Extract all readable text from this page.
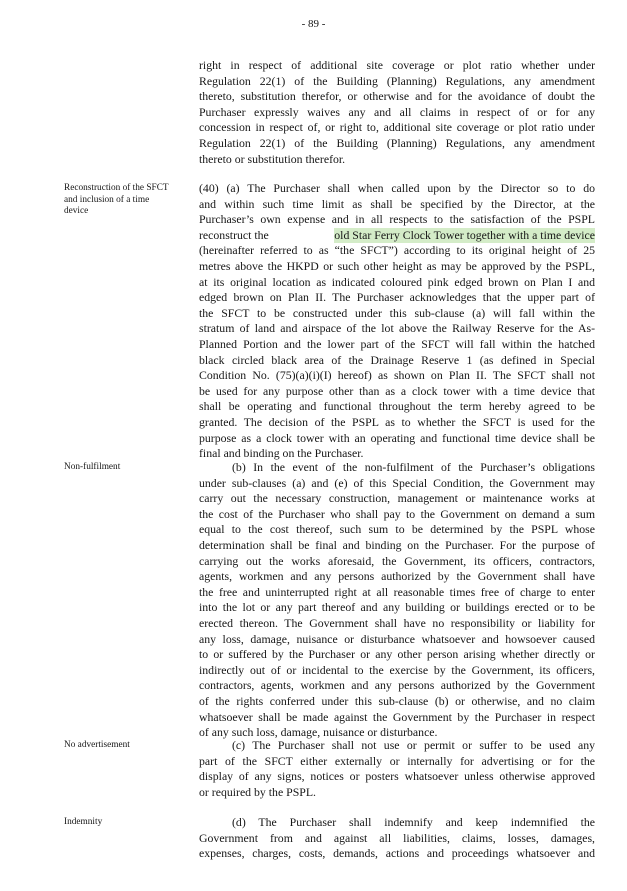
- 89 -
Reconstruction of the SFCT
and inclusion of a time
device
Non-fulfilment
No advertisement
Indemnity
right in respect of additional site coverage or plot ratio whether under
Regulation 22(1) of the Building (Planning) Regulations, any amendment
thereto, substitution therefor, or otherwise and for the avoidance of doubt the
Purchaser expressly waives any and all claims in respect of or for any
concession in respect of, or right to, additional site coverage or plot ratio under
Regulation 22(1) of the Building (Planning) Regulations, any amendment
thereto or substitution therefor.
(40) (a) The Purchaser shall when called upon by the Director so to do
and within such time limit as shall be specified by the Director, at the
Purchaser’s own expense and in all respects to the satisfaction of the PSPL
reconstruct the	old Star Ferry Clock Tower together with a time device
(hereinafter referred to as “the SFCT”) according to its original height of 25
metres above the HKPD or such other height as may be approved by the PSPL,
at its original location as indicated coloured pink edged brown on Plan I and
edged brown on Plan II. The Purchaser acknowledges that the upper part of
the SFCT to be constructed under this sub-clause (a) will fall within the
stratum of land and airspace of the lot above the Railway Reserve for the As-
Planned Portion and the lower part of the SFCT will fall within the hatched
black circled black area of the Drainage Reserve 1 (as defined in Special
Condition No. (75)(a)(i)(I) hereof) as shown on Plan II. The SFCT shall not
be used for any purpose other than as a clock tower with a time device that
shall be operating and functional throughout the term hereby agreed to be
granted. The decision of the PSPL as to whether the SFCT is used for the
purpose as a clock tower with an operating and functional time device shall be
final and binding on the Purchaser.
(b) In the event of the non-fulfilment of the Purchaser’s obligations
under sub-clauses (a) and (e) of this Special Condition, the Government may
carry out the necessary construction, management or maintenance works at
the cost of the Purchaser who shall pay to the Government on demand a sum
equal to the cost thereof, such sum to be determined by the PSPL whose
determination shall be final and binding on the Purchaser. For the purpose of
carrying out the works aforesaid, the Government, its officers, contractors,
agents, workmen and any persons authorized by the Government shall have
the free and uninterrupted right at all reasonable times free of charge to enter
into the lot or any part thereof and any building or buildings erected or to be
erected thereon. The Government shall have no responsibility or liability for
any loss, damage, nuisance or disturbance whatsoever and howsoever caused
to or suffered by the Purchaser or any other person arising whether directly or
indirectly out of or incidental to the exercise by the Government, its officers,
contractors, agents, workmen and any persons authorized by the Government
of the rights conferred under this sub-clause (b) or otherwise, and no claim
whatsoever shall be made against the Government by the Purchaser in respect
of any such loss, damage, nuisance or disturbance.
(c) The Purchaser shall not use or permit or suffer to be used any
part of the SFCT either externally or internally for advertising or for the
display of any signs, notices or posters whatsoever unless otherwise approved
or required by the PSPL.
(d) The Purchaser shall indemnify and keep indemnified the
Government from and against all liabilities, claims, losses, damages,
expenses, charges, costs, demands, actions and proceedings whatsoever and
